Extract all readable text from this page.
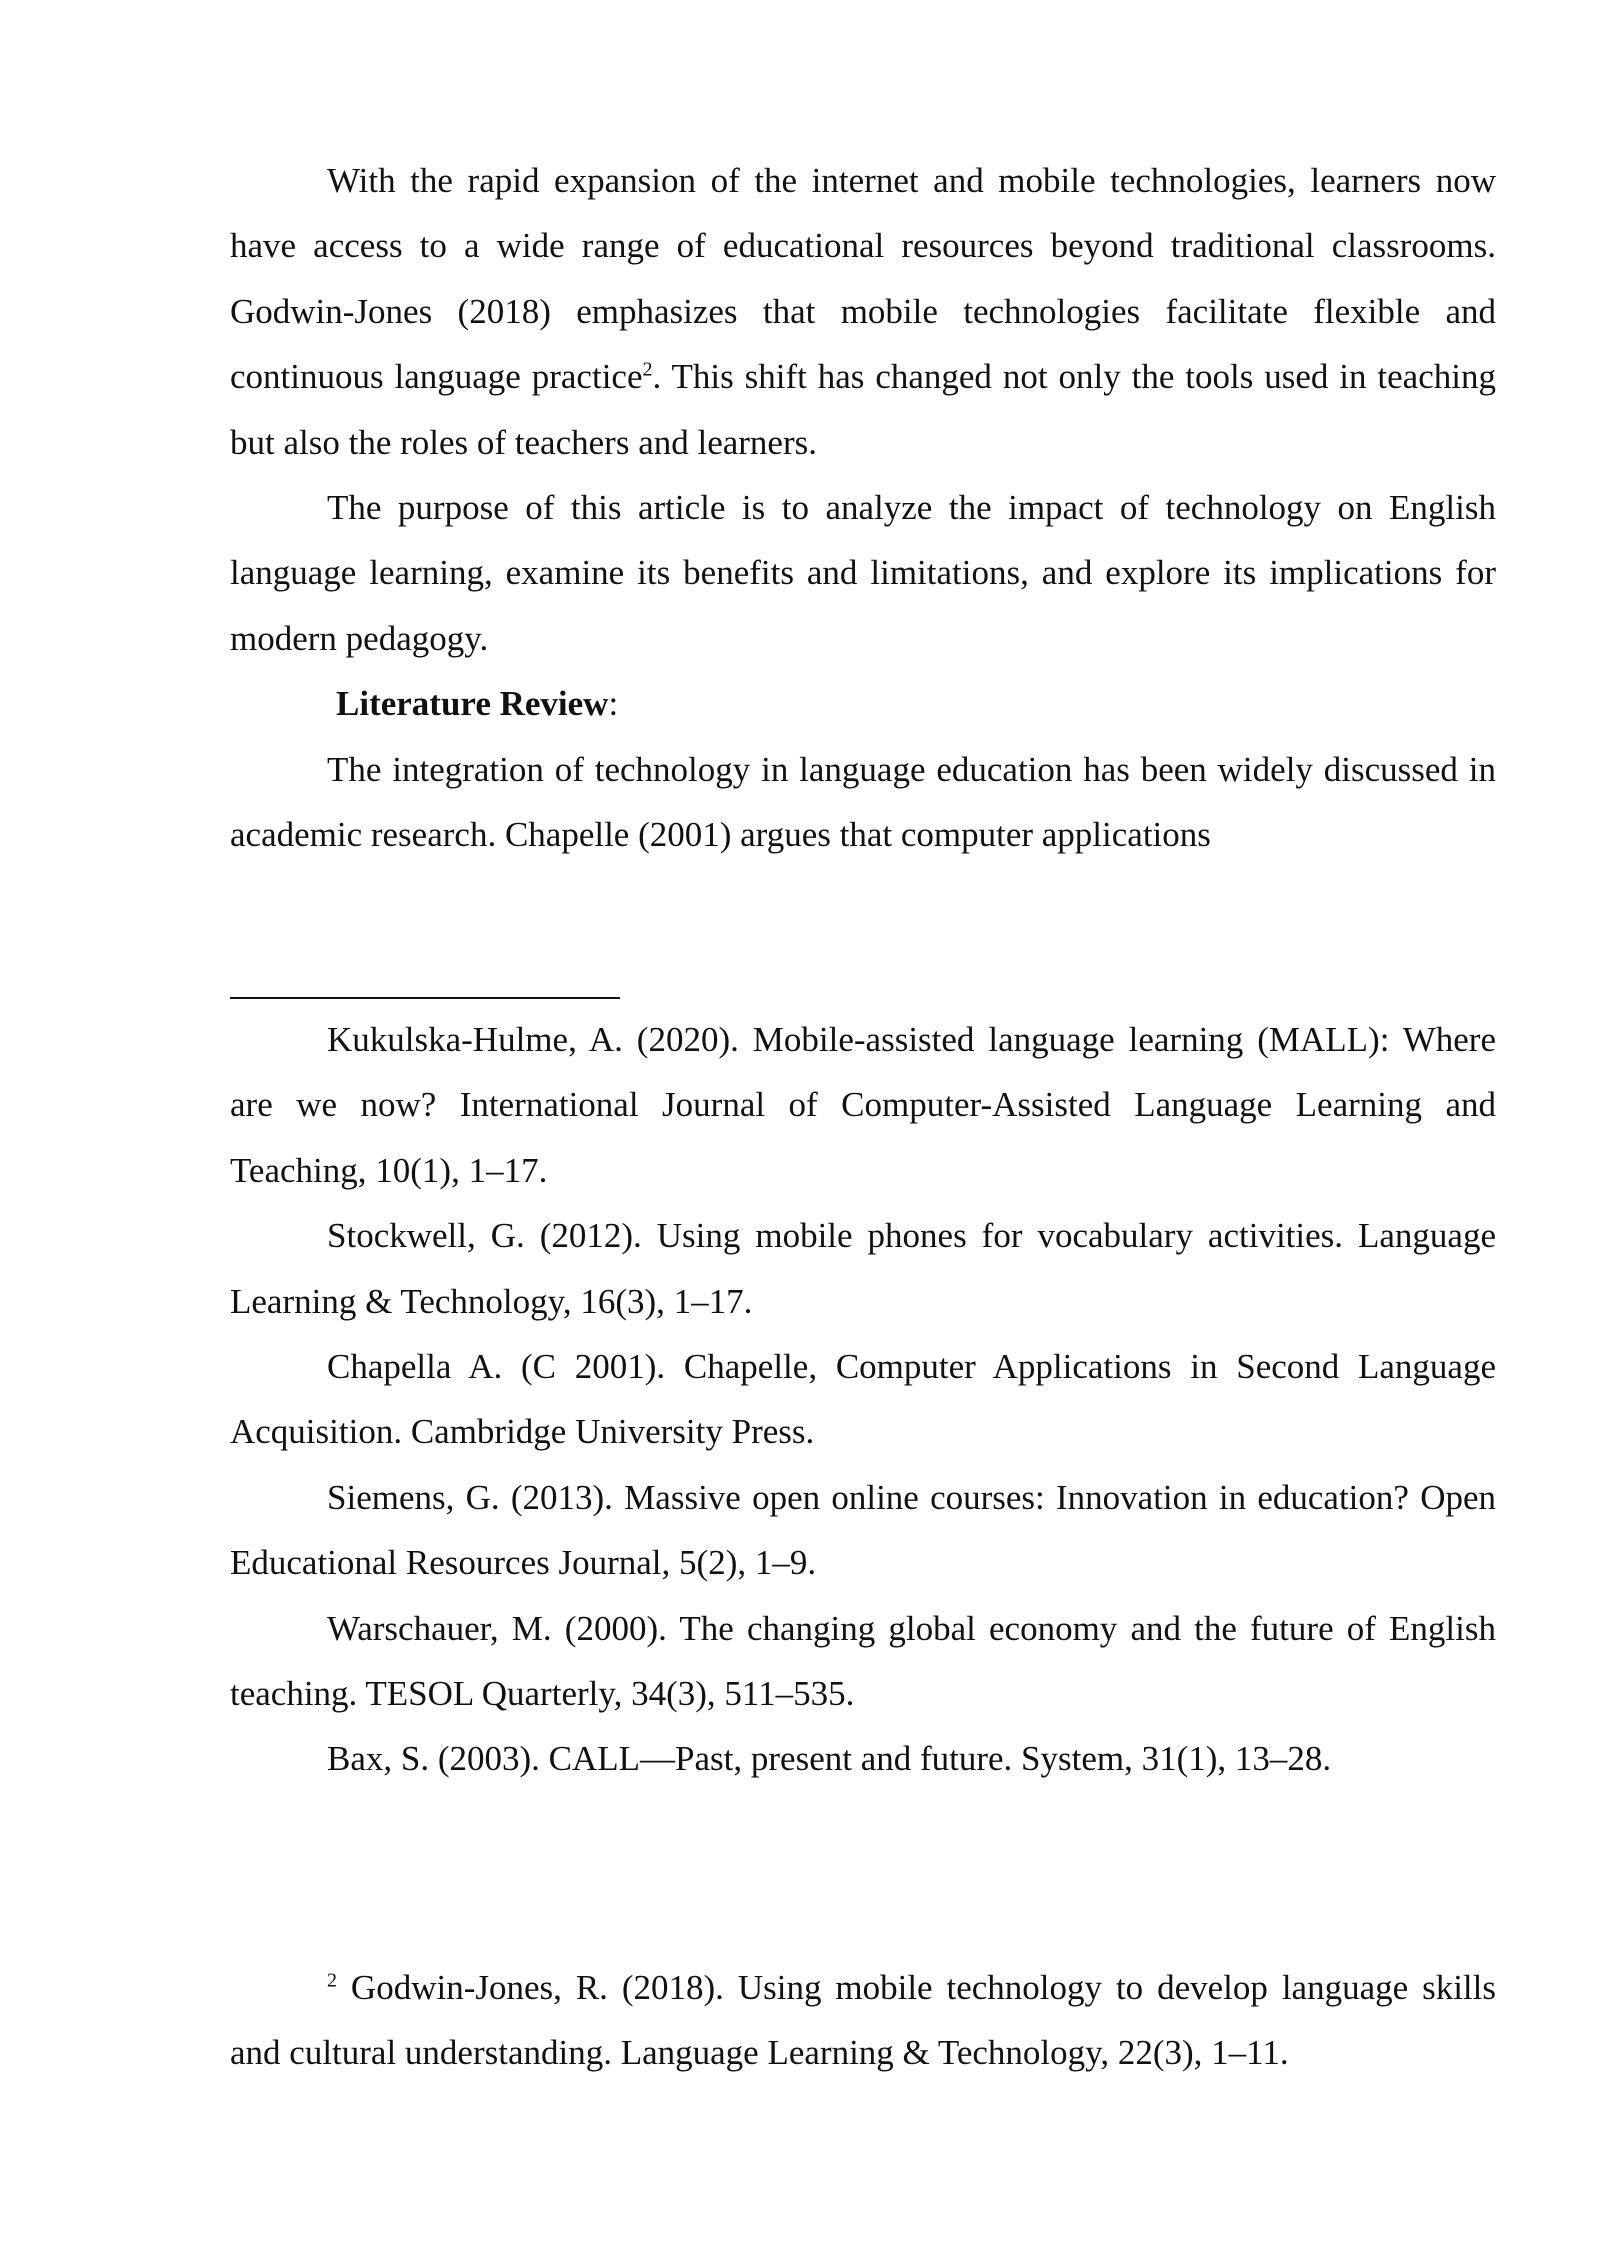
With the rapid expansion of the internet and mobile technologies, learners now have access to a wide range of educational resources beyond traditional classrooms. Godwin-Jones (2018) emphasizes that mobile technologies facilitate flexible and continuous language practice$^2$. This shift has changed not only the tools used in teaching but also the roles of teachers and learners.

The purpose of this article is to analyze the impact of technology on English language learning, examine its benefits and limitations, and explore its implications for modern pedagogy.

Literature Review:

The integration of technology in language education has been widely discussed in academic research. Chapelle (2001) argues that computer applications

Kukulska-Hulme, A. (2020). Mobile-assisted language learning (MALL): Where are we now? International Journal of Computer-Assisted Language Learning and Teaching, 10(1), 1–17.

Stockwell, G. (2012). Using mobile phones for vocabulary activities. Language Learning & Technology, 16(3), 1–17.

Chapella A. (C 2001). Chapelle, Computer Applications in Second Language Acquisition. Cambridge University Press.

Siemens, G. (2013). Massive open online courses: Innovation in education? Open Educational Resources Journal, 5(2), 1–9.

Warschauer, M. (2000). The changing global economy and the future of English teaching. TESOL Quarterly, 34(3), 511–535.

Bax, S. (2003). CALL—Past, present and future. System, 31(1), 13–28.

$^2$ Godwin-Jones, R. (2018). Using mobile technology to develop language skills and cultural understanding. Language Learning & Technology, 22(3), 1–11.
